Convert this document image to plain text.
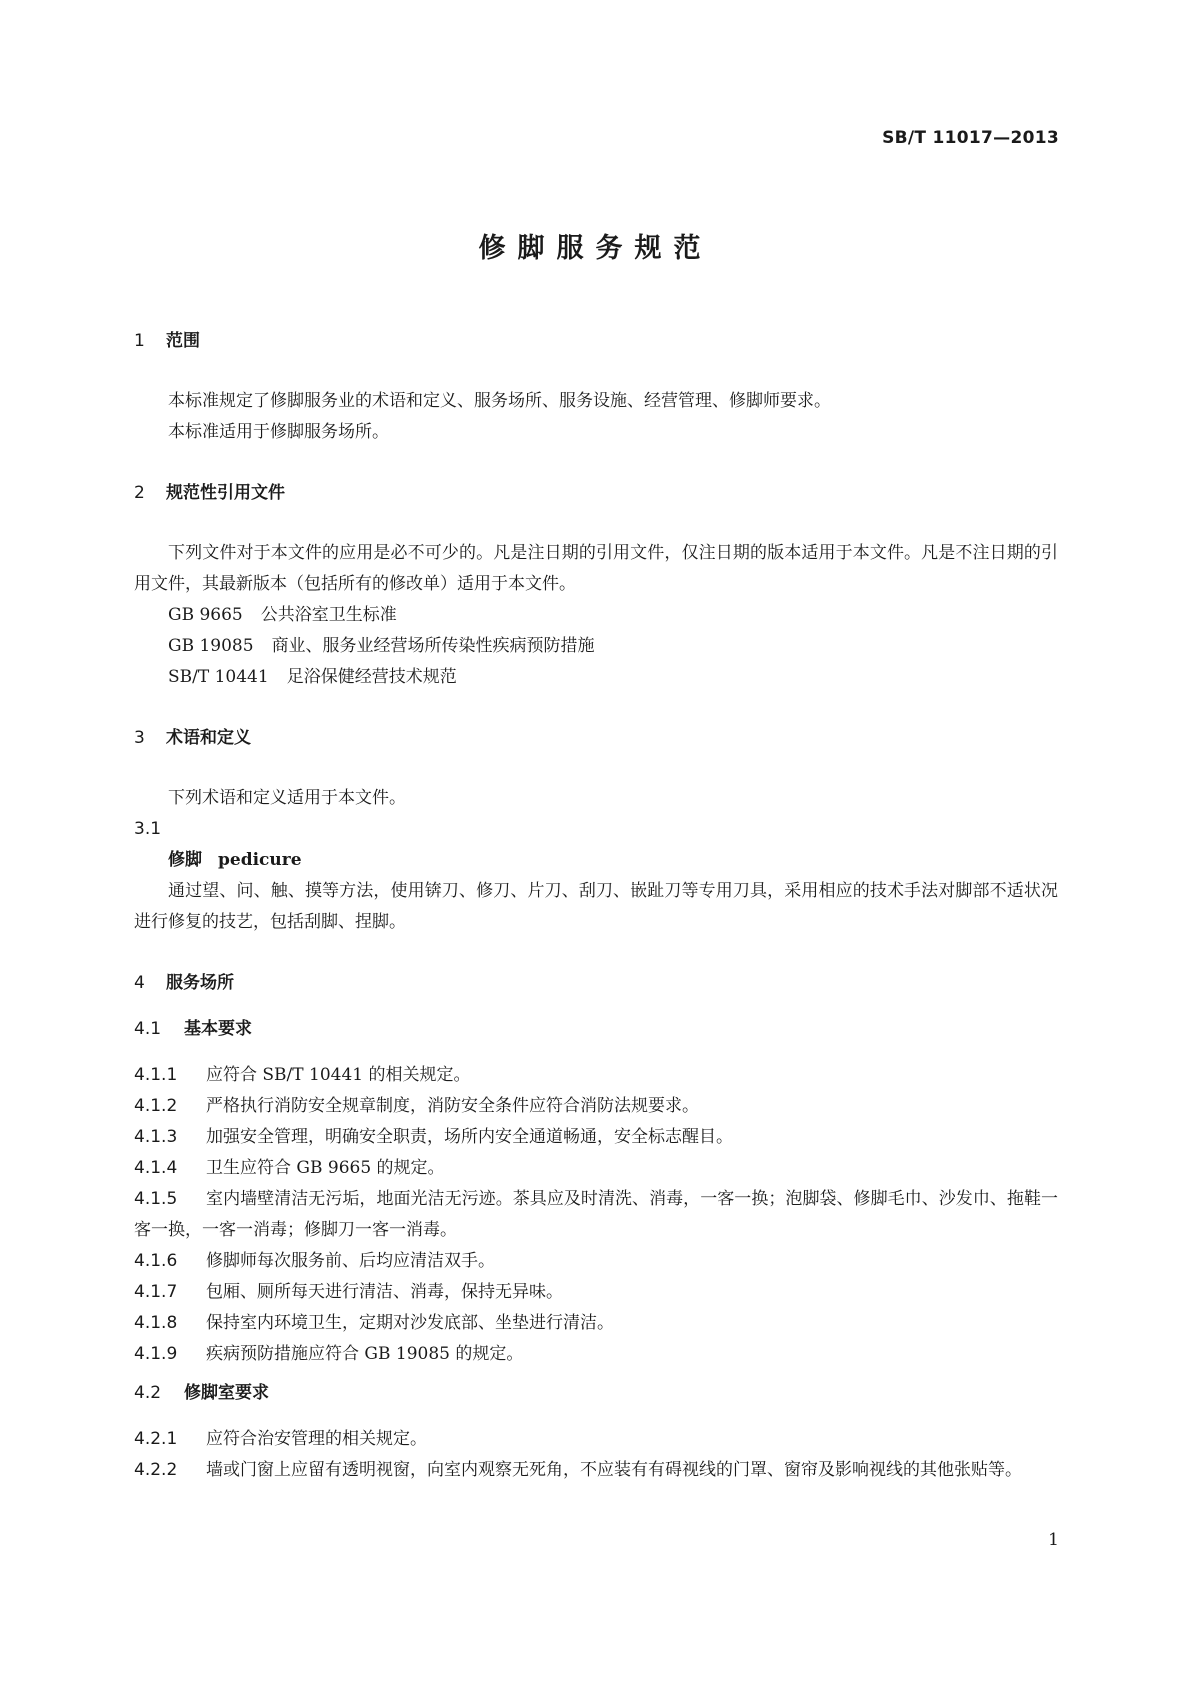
SB/T 11017—2013
修脚服务规范
1 范围
本标准规定了修脚服务业的术语和定义、服务场所、服务设施、经营管理、修脚师要求。
本标准适用于修脚服务场所。
2 规范性引用文件
下列文件对于本文件的应用是必不可少的。凡是注日期的引用文件，仅注日期的版本适用于本文件。凡是不注日期的引用文件，其最新版本（包括所有的修改单）适用于本文件。
GB 9665 公共浴室卫生标准
GB 19085 商业、服务业经营场所传染性疾病预防措施
SB/T 10441 足浴保健经营技术规范
3 术语和定义
下列术语和定义适用于本文件。
3.1
修脚 pedicure
通过望、问、触、摸等方法，使用锛刀、修刀、片刀、刮刀、嵌趾刀等专用刀具，采用相应的技术手法对脚部不适状况进行修复的技艺，包括刮脚、捏脚。
4 服务场所
4.1 基本要求
4.1.1 应符合 SB/T 10441 的相关规定。
4.1.2 严格执行消防安全规章制度，消防安全条件应符合消防法规要求。
4.1.3 加强安全管理，明确安全职责，场所内安全通道畅通，安全标志醒目。
4.1.4 卫生应符合 GB 9665 的规定。
4.1.5 室内墙壁清洁无污垢，地面光洁无污迹。茶具应及时清洗、消毒，一客一换；泡脚袋、修脚毛巾、沙发巾、拖鞋一客一换，一客一消毒；修脚刀一客一消毒。
4.1.6 修脚师每次服务前、后均应清洁双手。
4.1.7 包厢、厕所每天进行清洁、消毒，保持无异味。
4.1.8 保持室内环境卫生，定期对沙发底部、坐垫进行清洁。
4.1.9 疾病预防措施应符合 GB 19085 的规定。
4.2 修脚室要求
4.2.1 应符合治安管理的相关规定。
4.2.2 墙或门窗上应留有透明视窗，向室内观察无死角，不应装有有碍视线的门罩、窗帘及影响视线的其他张贴等。
1
